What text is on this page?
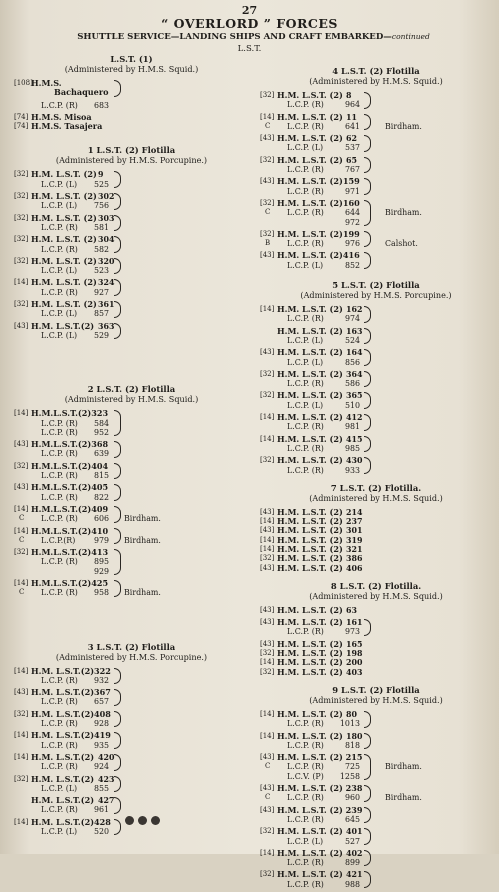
27
“ OVERLORD ” FORCES
SHUTTLE SERVICE—LANDING SHIPS AND CRAFT EMBARKED—continued
L.S.T.
L.S.T. (1)
(Administered by H.M.S. Squid.)
[108]
H.M.S.
Bachaquero
L.C.P. (R)	683
[74] H.M.S. Misoa
[74] H.M.S. Tasajera
1 L.S.T. (2) Flotilla
(Administered by H.M.S. Porcupine.)
[32] H.M. L.S.T. (2) 9
L.C.P. (L)	525
[32] H.M. L.S.T. (2) 302
L.C.P. (L)	756
[32] H.M. L.S.T. (2) 303
L.C.P. (R)	581
[32] H.M. L.S.T. (2) 304
L.C.P. (R)	582
[32] H.M. L.S.T. (2) 320
L.C.P. (L)	523
[14] H.M. L.S.T. (2) 324
L.C.P. (R)	927
[32] H.M. L.S.T. (2) 361
L.C.P. (L)	857
[43] H.M. L.S.T.(2) 363
L.C.P. (L)	529
2 L.S.T. (2) Flotilla
(Administered by H.M.S. Squid.)
[14] H.M.L.S.T.(2)323
L.C.P. (R)	584
L.C.P. (R)	952
[43] H.M.L.S.T.(2)368
L.C.P. (R)	639
[32] H.M.L.S.T.(2)404
L.C.P. (R)	815
[43] H.M.L.S.T.(2)405
L.C.P. (R)	822
[14] H.M.L.S.T.(2)409
C L.C.P. (R)	606 Birdham.
[14] H.M.L.S.T.(2)410
C L.C.P.(R)	979 Birdham.
[32] H.M.L.S.T.(2)413
L.C.P. (R)	895
929
[14] H.M.L.S.T.(2)425
C L.C.P. (R)	958 Birdham.
3 L.S.T. (2) Flotilla
(Administered by H.M.S. Porcupine.)
[14] H.M. L.S.T.(2)322
L.C.P. (R)	932
[43] H.M. L.S.T.(2)367
L.C.P. (R)	657
[32] H.M. L.S.T.(2)408
L.C.P. (R)	928
[14] H.M. L.S.T.(2)419
L.C.P. (R)	935
[14] H.M. L.S.T.(2) 420
L.C.P. (R)	924
[32] H.M. L.S.T.(2) 423
L.C.P. (L)	855
H.M. L.S.T.(2) 427
L.C.P. (R)	961
[14] H.M. L.S.T.(2)428
L.C.P. (L)	520
4 L.S.T. (2) Flotilla
(Administered by H.M.S. Squid.)
[32] H.M. L.S.T. (2) 8
L.C.P. (R)	964
[14] H.M. L.S.T. (2) 11
C L.C.P. (R)	641	Birdham.
[43] H.M. L.S.T. (2) 62
L.C.P. (L)	537
[32] H.M. L.S.T. (2) 65
L.C.P. (R)	767
[43] H.M. L.S.T. (2)159
L.C.P. (R)	971
[32] H.M. L.S.T. (2)160
C L.C.P. (R)	644	Birdham.
972
[32] H.M. L.S.T. (2)199
B L.C.P. (R)	976	Calshot.
[43] H.M. L.S.T. (2)416
L.C.P. (L)	852
5 L.S.T. (2) Flotilla
(Administered by H.M.S. Porcupine.)
[14] H.M. L.S.T. (2) 162
L.C.P. (R)	974
H.M. L.S.T. (2) 163
L.C.P. (L)	524
[43] H.M. L.S.T. (2) 164
L.C.P. (L)	856
[32] H.M. L.S.T. (2) 364
L.C.P. (R)	586
[32] H.M. L.S.T. (2) 365
L.C.P. (L)	510
[14] H.M. L.S.T. (2) 412
L.C.P. (R)	981
[14] H.M. L.S.T. (2) 415
L.C.P. (R)	985
[32] H.M. L.S.T. (2) 430
L.C.P. (R)	933
7 L.S.T. (2) Flotilla.
(Administered by H.M.S. Squid.)
[43] H.M. L.S.T. (2) 214
[14] H.M. L.S.T. (2) 237
[43] H.M. L.S.T. (2) 301
[14] H.M. L.S.T. (2) 319
[14] H.M. L.S.T. (2) 321
[32] H.M. L.S.T. (2) 386
[43] H.M. L.S.T. (2) 406
8 L.S.T. (2) Flotilla.
(Administered by H.M.S. Squid.)
[43] H.M. L.S.T. (2) 63
[43] H.M. L.S.T. (2) 161
L.C.P. (R)	973
[43] H.M. L.S.T. (2) 165
[32] H.M. L.S.T. (2) 198
[14] H.M. L.S.T. (2) 200
[32] H.M. L.S.T. (2) 403
9 L.S.T. (2) Flotilla
(Administered by H.M.S. Squid.)
[14] H.M. L.S.T. (2) 80
L.C.P. (R)	1013
[14] H.M. L.S.T. (2) 180
L.C.P. (R)	818
[43] H.M. L.S.T. (2) 215
C L.C.P. (R)	725	Birdham.
L.C.V. (P)	1258
[43] H.M. L.S.T. (2) 238
C L.C.P. (R)	960	Birdham.
[43] H.M. L.S.T. (2) 239
L.C.P. (R)	645
[32] H.M. L.S.T. (2) 401
L.C.P. (L)	527
[14] H.M. L.S.T. (2) 402
L.C.P. (R)	899
[32] H.M. L.S.T. (2) 421
L.C.P. (R)	988
